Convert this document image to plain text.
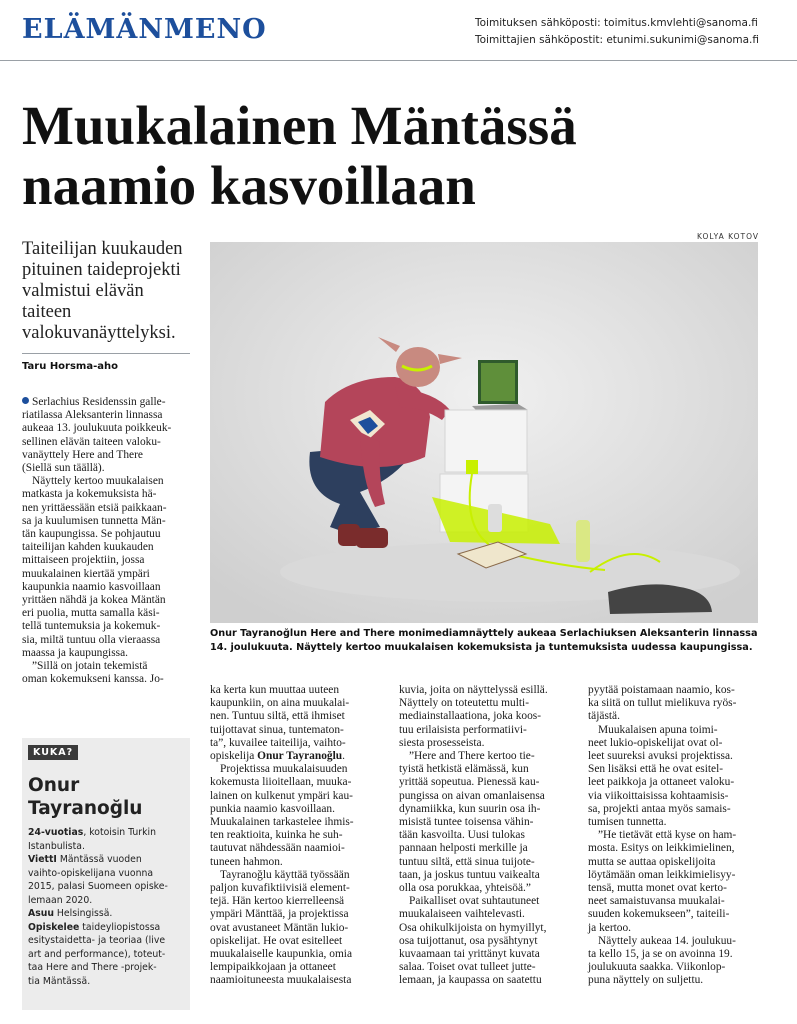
ELÄMÄNMENO	Toimituksen sähköposti: toimitus.kmvlehti@sanoma.fi
Toimittajien sähköpostit: etunimi.sukunimi@sanoma.fi
Muukalainen Mäntässä
naamio kasvoillaan
KOLYA KOTOV
Taiteilijan kuukauden
pituinen taideprojekti
valmistui elävän
taiteen
valokuvanäyttelyksi.
Taru Horsma-aho
Onur Tayranoğlun Here and There monimediamnäyttely aukeaa Serlachiuksen Aleksanterin linnassa
14. joulukuuta. Näyttely kertoo muukalaisen kokemuksista ja tuntemuksista uudessa kaupungissa.
Serlachius Residenssin galle-
riatilassa Aleksanterin linnassa
aukeaa 13. joulukuuta poikkeuk-
sellinen elävän taiteen valoku-
vanäyttely Here and There
(Siellä sun täällä).
Näyttely kertoo muukalaisen
matkasta ja kokemuksista hä-
nen yrittäessään etsiä paikkaan-
sa ja kuulumisen tunnetta Män-
tän kaupungissa. Se pohjautuu
taiteilijan kahden kuukauden
mittaiseen projektiin, jossa
muukalainen kiertää ympäri
kaupunkia naamio kasvoillaan
yrittäen nähdä ja kokea Mäntän
eri puolia, mutta samalla käsi-
tellä tuntemuksia ja kokemuk-
sia, miltä tuntuu olla vieraassa
maassa ja kaupungissa.
”Sillä on jotain tekemistä
oman kokemukseni kanssa. Jo-
KUKA?
Onur
Tayranoğlu
24-vuotias, kotoisin Turkin
Istanbulista.
ViettI Mäntässä vuoden
vaihto-opiskelijana vuonna
2015, palasi Suomeen opiske-
lemaan 2020.
Asuu Helsingissä.
Opiskelee taideyliopistossa
esitystaidetta- ja teoriaa (live
art and performance), toteut-
taa Here and There -projek-
tia Mäntässä.
ka kerta kun muuttaa uuteen
kaupunkiin, on aina muukalai-
nen. Tuntuu siltä, että ihmiset
tuijottavat sinua, tuntematon-
ta”, kuvailee taiteilija, vaihto-
opiskelija Onur Tayranoğlu.
Projektissa muukalaisuuden
kokemusta liioitellaan, muuka-
lainen on kulkenut ympäri kau-
punkia naamio kasvoillaan.
Muukalainen tarkastelee ihmis-
ten reaktioita, kuinka he suh-
tautuvat nähdessään naamioi-
tuneen hahmon.
Tayranoğlu käyttää työssään
paljon kuvafiktiivisiä element-
tejä. Hän kertoo kierrelleensä
ympäri Mänttää, ja projektissa
ovat avustaneet Mäntän lukio-
opiskelijat. He ovat esitelleet
muukalaiselle kaupunkia, omia
lempipaikkojaan ja ottaneet
naamioituneesta muukalaisesta
kuvia, joita on näyttelyssä esillä.
Näyttely on toteutettu multi-
mediainstallaationa, joka koos-
tuu erilaisista performatiivi-
siesta prosesseista.
”Here and There kertoo tie-
tyistä hetkistä elämässä, kun
yrittää sopeutua. Pienessä kau-
pungissa on aivan omanlaisensa
dynamiikka, kun suurin osa ih-
misistä tuntee toisensa vähin-
tään kasvoilta. Uusi tulokas
pannaan helposti merkille ja
tuntuu siltä, että sinua tuijote-
taan, ja joskus tuntuu vaikealta
olla osa porukkaa, yhteisöä.”
Paikalliset ovat suhtautuneet
muukalaiseen vaihtelevasti.
Osa ohikulkijoista on hymyillyt,
osa tuijottanut, osa pysähtynyt
kuvaamaan tai yrittänyt kuvata
salaa. Toiset ovat tulleet jutte-
lemaan, ja kaupassa on saatettu
pyytää poistamaan naamio, kos-
ka siitä on tullut mielikuva ryös-
täjästä.
Muukalaisen apuna toimi-
neet lukio-opiskelijat ovat ol-
leet suureksi avuksi projektissa.
Sen lisäksi että he ovat esitel-
leet paikkoja ja ottaneet valoku-
via viikoittaisissa kohtaamisis-
sa, projekti antaa myös samais-
tumisen tunnetta.
”He tietävät että kyse on ham-
mosta. Esitys on leikkimielinen,
mutta se auttaa opiskelijoita
löytämään oman leikkimielisyy-
tensä, mutta monet ovat kerto-
neet samaistuvansa muukalai-
suuden kokemukseen”, taiteili-
ja kertoo.
Näyttely aukeaa 14. joulukuu-
ta kello 15, ja se on avoinna 19.
joulukuuta saakka. Viikonlop-
puna näyttely on suljettu.
